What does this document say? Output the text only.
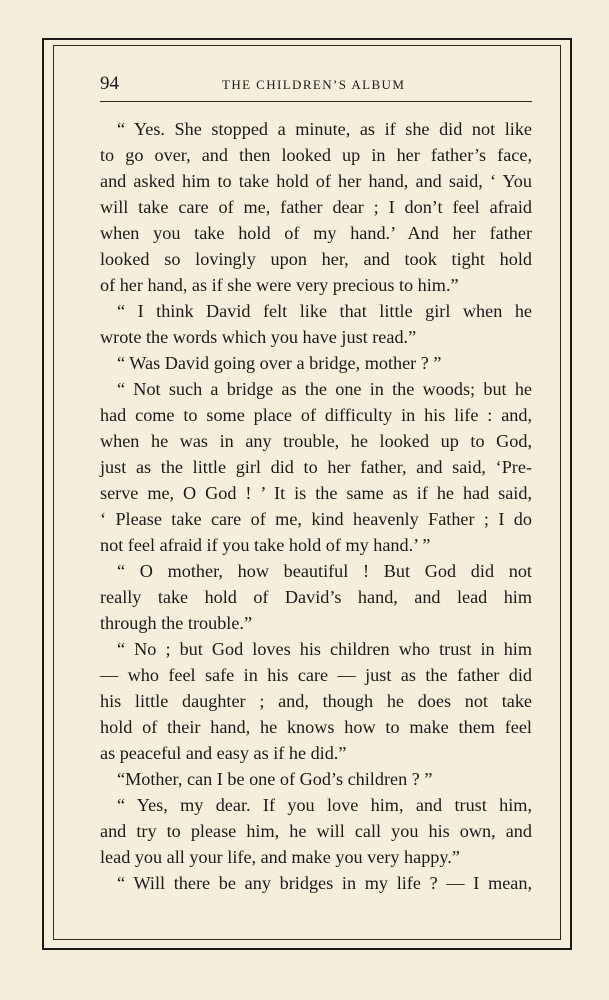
94	THE CHILDREN’S ALBUM
“ Yes. She stopped a minute, as if she did not like
to go over, and then looked up in her father’s face,
and asked him to take hold of her hand, and said, ‘ You
will take care of me, father dear ; I don’t feel afraid
when you take hold of my hand.’ And her father
looked so lovingly upon her, and took tight hold
of her hand, as if she were very precious to him.”
“ I think David felt like that little girl when he
wrote the words which you have just read.”
“ Was David going over a bridge, mother ? ”
“ Not such a bridge as the one in the woods; but he
had come to some place of difficulty in his life : and,
when he was in any trouble, he looked up to God,
just as the little girl did to her father, and said, ‘Pre-
serve me, O God ! ’ It is the same as if he had said,
‘ Please take care of me, kind heavenly Father ; I do
not feel afraid if you take hold of my hand.’ ”
“ O mother, how beautiful ! But God did not
really take hold of David’s hand, and lead him
through the trouble.”
“ No ; but God loves his children who trust in him
— who feel safe in his care — just as the father did
his little daughter ; and, though he does not take
hold of their hand, he knows how to make them feel
as peaceful and easy as if he did.”
“Mother, can I be one of God’s children ? ”
“ Yes, my dear. If you love him, and trust him,
and try to please him, he will call you his own, and
lead you all your life, and make you very happy.”
“ Will there be any bridges in my life ? — I mean,
